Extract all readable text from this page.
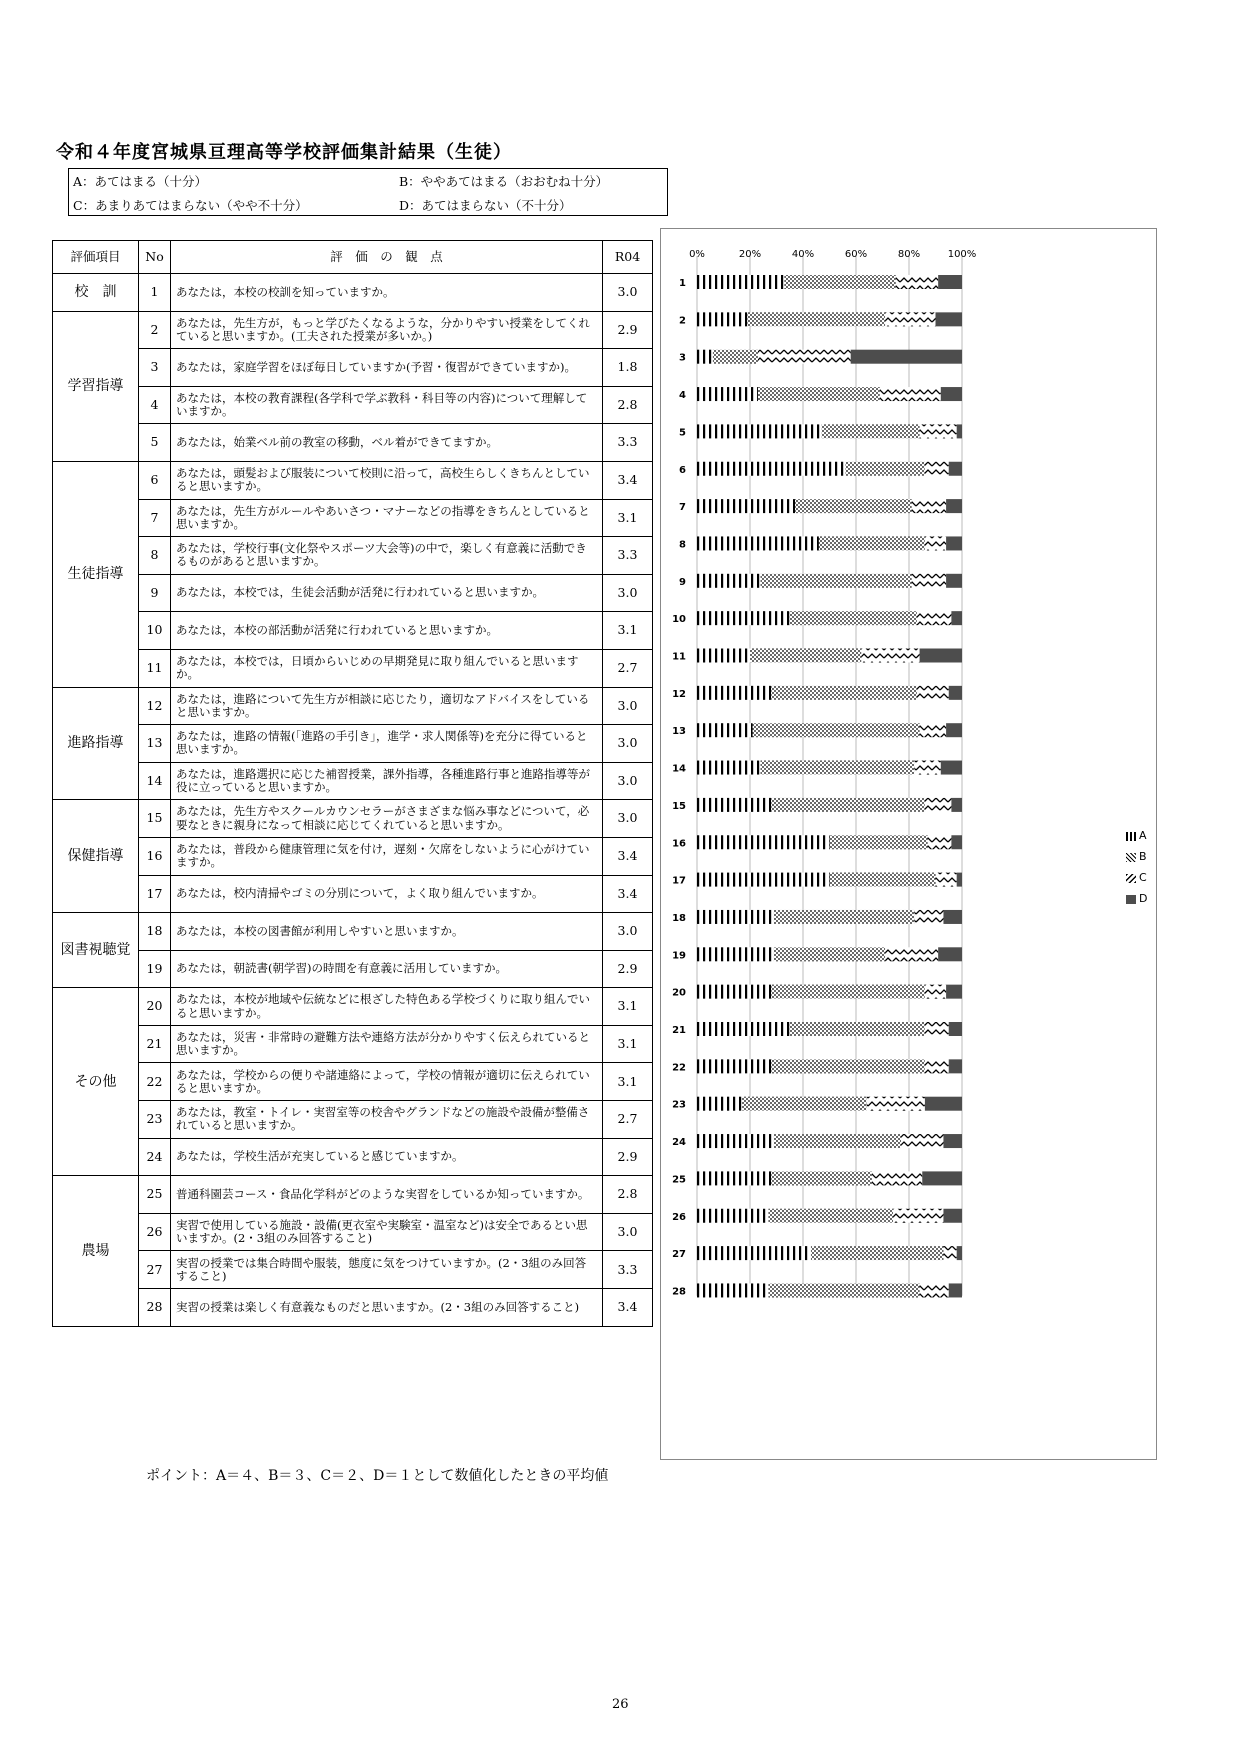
令和４年度宮城県亘理高等学校評価集計結果（生徒）
A：あてはまる（十分）	B：ややあてはまる（おおむね十分）
C：あまりあてはまらない（やや不十分）	D：あてはまらない（不十分）
評価項目	No	評　価　の　観　点	R04
校　訓	1	あなたは，本校の校訓を知っていますか。	3.0
学習指導	2	あなたは，先生方が，もっと学びたくなるような，分かりやすい授業をしてくれていると思いますか。(工夫された授業が多いか。)	2.9
	3	あなたは，家庭学習をほぼ毎日していますか(予習・復習ができていますか)。	1.8
	4	あなたは，本校の教育課程(各学科で学ぶ教科・科目等の内容)について理解していますか。	2.8
	5	あなたは，始業ベル前の教室の移動，ベル着ができてますか。	3.3
生徒指導	6	あなたは，頭髪および服装について校則に沿って，高校生らしくきちんとしていると思いますか。	3.4
	7	あなたは，先生方がルールやあいさつ・マナーなどの指導をきちんとしていると思いますか。	3.1
	8	あなたは，学校行事(文化祭やスポーツ大会等)の中で，楽しく有意義に活動できるものがあると思いますか。	3.3
	9	あなたは，本校では，生徒会活動が活発に行われていると思いますか。	3.0
	10	あなたは，本校の部活動が活発に行われていると思いますか。	3.1
	11	あなたは，本校では，日頃からいじめの早期発見に取り組んでいると思いますか。	2.7
進路指導	12	あなたは，進路について先生方が相談に応じたり，適切なアドバイスをしていると思いますか。	3.0
	13	あなたは，進路の情報(「進路の手引き」，進学・求人関係等)を充分に得ていると思いますか。	3.0
	14	あなたは，進路選択に応じた補習授業，課外指導，各種進路行事と進路指導等が役に立っていると思いますか。	3.0
保健指導	15	あなたは，先生方やスクールカウンセラーがさまざまな悩み事などについて，必要なときに親身になって相談に応じてくれていると思いますか。	3.0
	16	あなたは，普段から健康管理に気を付け，遅刻・欠席をしないように心がけていますか。	3.4
	17	あなたは，校内清掃やゴミの分別について，よく取り組んでいますか。	3.4
図書視聴覚	18	あなたは，本校の図書館が利用しやすいと思いますか。	3.0
	19	あなたは，朝読書(朝学習)の時間を有意義に活用していますか。	2.9
その他	20	あなたは，本校が地域や伝統などに根ざした特色ある学校づくりに取り組んでいると思いますか。	3.1
	21	あなたは，災害・非常時の避難方法や連絡方法が分かりやすく伝えられていると思いますか。	3.1
	22	あなたは，学校からの便りや諸連絡によって，学校の情報が適切に伝えられていると思いますか。	3.1
	23	あなたは，教室・トイレ・実習室等の校舎やグランドなどの施設や設備が整備されていると思いますか。	2.7
	24	あなたは，学校生活が充実していると感じていますか。	2.9
農場	25	普通科園芸コース・食品化学科がどのような実習をしているか知っていますか。	2.8
	26	実習で使用している施設・設備(更衣室や実験室・温室など)は安全であるとい思いますか。(2・3組のみ回答すること)	3.0
	27	実習の授業では集合時間や服装，態度に気をつけていますか。(2・3組のみ回答すること)	3.3
	28	実習の授業は楽しく有意義なものだと思いますか。(2・3組のみ回答すること)	3.4
ポイント：A＝４、B＝３、C＝２、D＝１として数値化したときの平均値
26
0%	20%	40%	60%	80%	100%
1
2
3
4
5
6
7
8
9
10
11
12
13
14
15
16
17
18
19
20
21
22
23
24
25
26
27
28
A
B
C
D
